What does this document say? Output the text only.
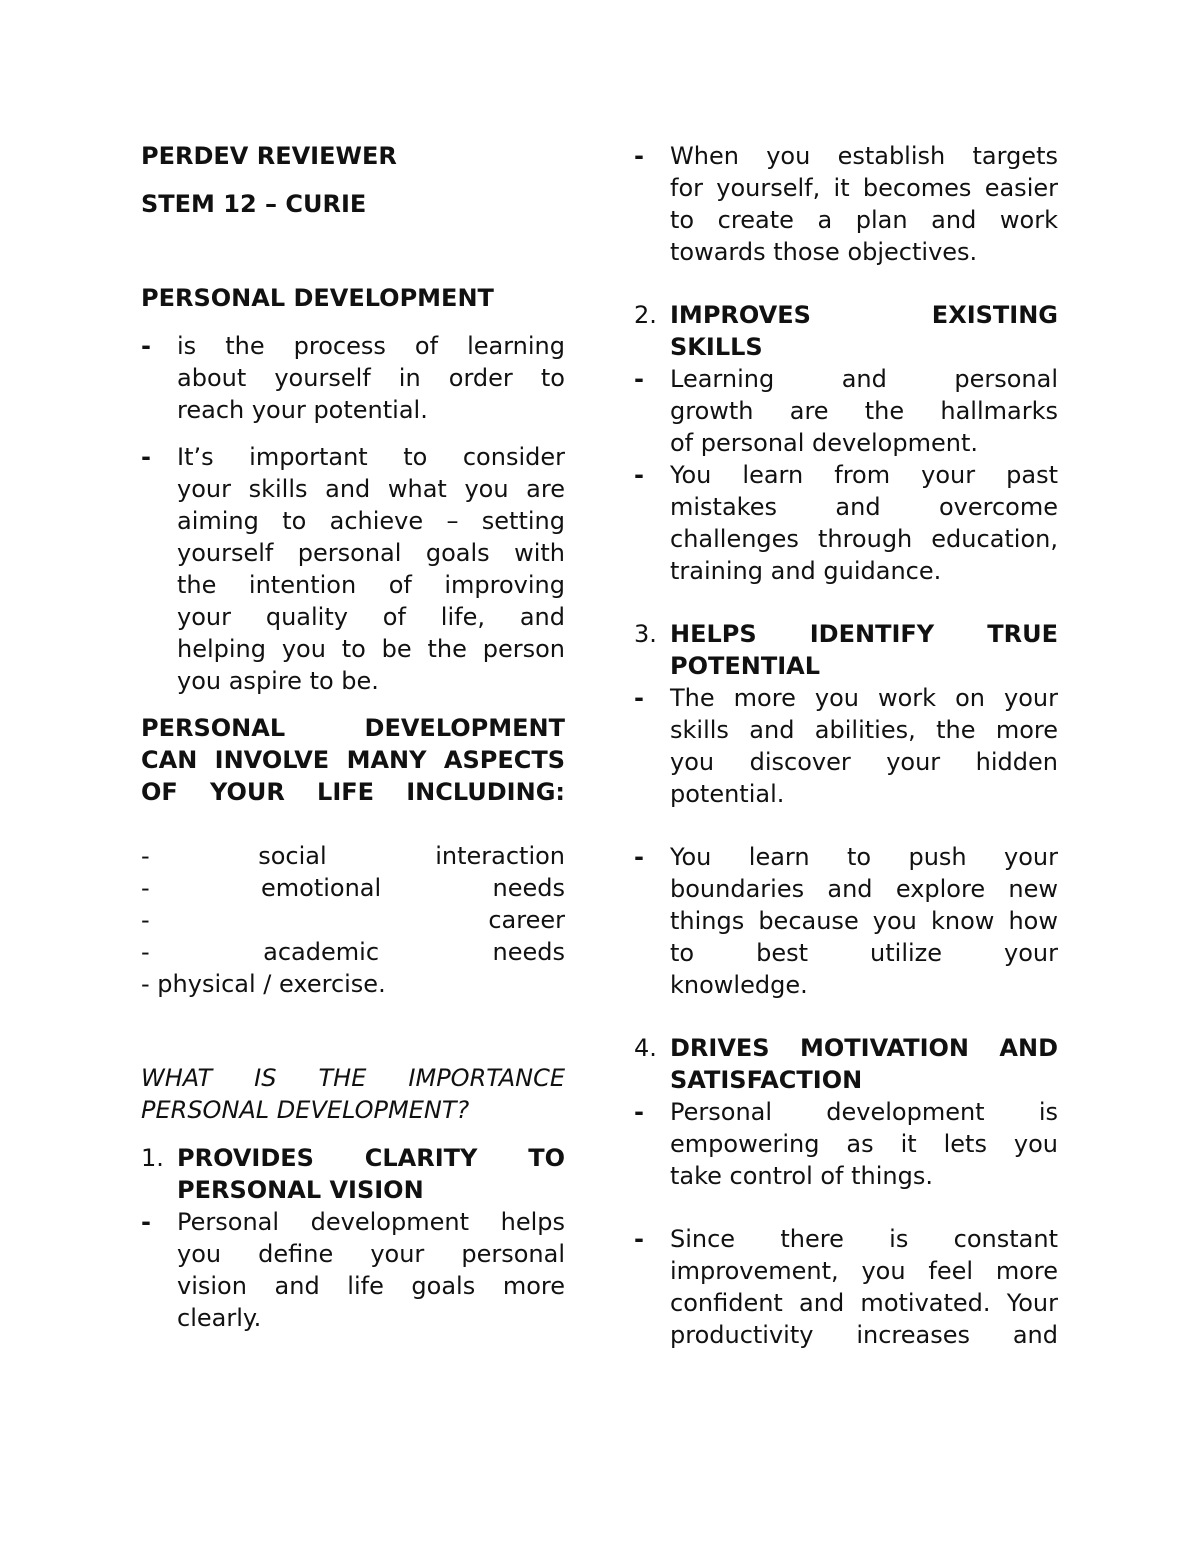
PERDEV REVIEWER

STEM 12 – CURIE

PERSONAL DEVELOPMENT

- is the process of learning
about yourself in order to
reach your potential.
- It’s important to consider
your skills and what you are
aiming to achieve – setting
yourself personal goals with
the intention of improving
your quality of life, and
helping you to be the person
you aspire to be.
PERSONAL DEVELOPMENT
CAN INVOLVE MANY ASPECTS
OF YOUR LIFE INCLUDING:
-	social	interaction
-	emotional	needs
-	career
-	academic	needs
- physical / exercise.
WHAT IS THE IMPORTANCE
PERSONAL DEVELOPMENT?
1. PROVIDES CLARITY TO
PERSONAL VISION
- Personal development helps
you define your personal
vision and life goals more
clearly.
- When you establish targets
for yourself, it becomes easier
to create a plan and work
towards those objectives.
2. IMPROVES EXISTING
SKILLS
- Learning and personal
growth are the hallmarks
of personal development.
- You learn from your past
mistakes and overcome
challenges through education,
training and guidance.
3. HELPS IDENTIFY TRUE
POTENTIAL
- The more you work on your
skills and abilities, the more
you discover your hidden
potential.
- You learn to push your
boundaries and explore new
things because you know how
to best utilize your
knowledge.
4. DRIVES MOTIVATION AND
SATISFACTION
- Personal development is
empowering as it lets you
take control of things.
- Since there is constant
improvement, you feel more
confident and motivated. Your
productivity increases and
